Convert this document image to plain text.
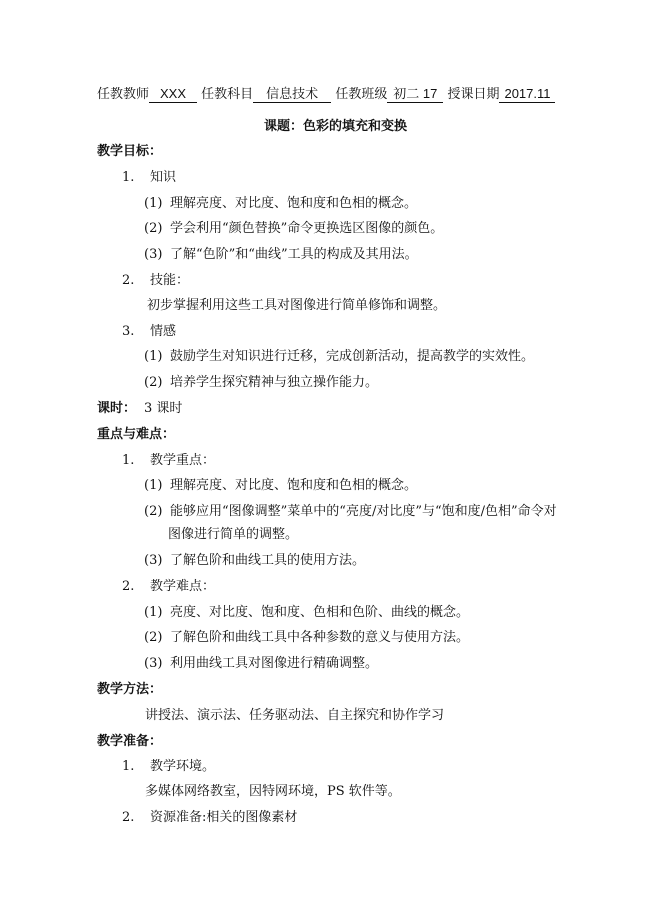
任教教师 XXX 任教科目 信息技术 任教班级 初二 17 授课日期 2017.11
课题：色彩的填充和变换
教学目标：
1. 知识
(1) 理解亮度、对比度、饱和度和色相的概念。
(2) 学会利用“颜色替换”命令更换选区图像的颜色。
(3) 了解“色阶”和“曲线”工具的构成及其用法。
2. 技能：
初步掌握利用这些工具对图像进行简单修饰和调整。
3. 情感
(1) 鼓励学生对知识进行迁移，完成创新活动，提高教学的实效性。
(2) 培养学生探究精神与独立操作能力。
课时： 3 课时
重点与难点：
1. 教学重点：
(1) 理解亮度、对比度、饱和度和色相的概念。
(2) 能够应用“图像调整”菜单中的“亮度/对比度”与“饱和度/色相”命令对
图像进行简单的调整。
(3) 了解色阶和曲线工具的使用方法。
2. 教学难点：
(1) 亮度、对比度、饱和度、色相和色阶、曲线的概念。
(2) 了解色阶和曲线工具中各种参数的意义与使用方法。
(3) 利用曲线工具对图像进行精确调整。
教学方法：
讲授法、演示法、任务驱动法、自主探究和协作学习
教学准备：
1. 教学环境。
多媒体网络教室，因特网环境，PS 软件等。
2. 资源准备:相关的图像素材
